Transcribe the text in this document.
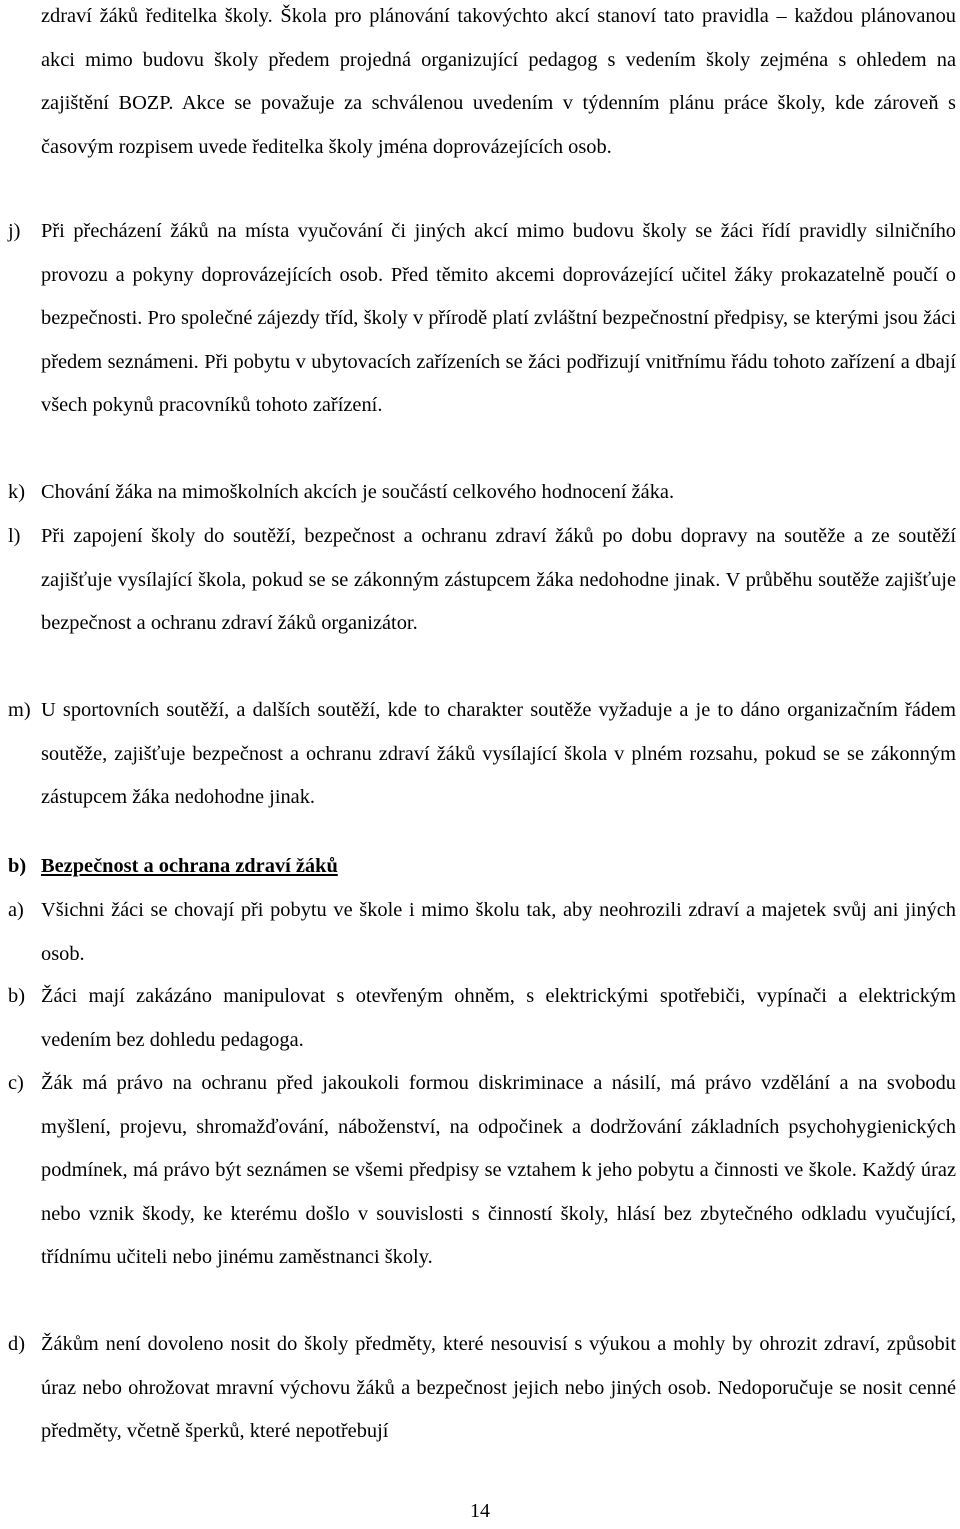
zdraví žáků ředitelka školy. Škola pro plánování takovýchto akcí stanoví tato pravidla – každou plánovanou akci mimo budovu školy předem projedná organizující pedagog s vedením školy zejména s ohledem na zajištění BOZP. Akce se považuje za schválenou uvedením v týdenním plánu práce školy, kde zároveň s časovým rozpisem uvede ředitelka školy jména doprovázejících osob.
j) Při přecházení žáků na místa vyučování či jiných akcí mimo budovu školy se žáci řídí pravidly silničního provozu a pokyny doprovázejících osob. Před těmito akcemi doprovázející učitel žáky prokazatelně poučí o bezpečnosti. Pro společné zájezdy tříd, školy v přírodě platí zvláštní bezpečnostní předpisy, se kterými jsou žáci předem seznámeni. Při pobytu v ubytovacích zařízeních se žáci podřizují vnitřnímu řádu tohoto zařízení a dbají všech pokynů pracovníků tohoto zařízení.
k) Chování žáka na mimoškolních akcích je součástí celkového hodnocení žáka.
l) Při zapojení školy do soutěží, bezpečnost a ochranu zdraví žáků po dobu dopravy na soutěže a ze soutěží zajišťuje vysílající škola, pokud se se zákonným zástupcem žáka nedohodne jinak. V průběhu soutěže zajišťuje bezpečnost a ochranu zdraví žáků organizátor.
m) U sportovních soutěží, a dalších soutěží, kde to charakter soutěže vyžaduje a je to dáno organizačním řádem soutěže, zajišťuje bezpečnost a ochranu zdraví žáků vysílající škola v plném rozsahu, pokud se se zákonným zástupcem žáka nedohodne jinak.
b) Bezpečnost a ochrana zdraví žáků
a) Všichni žáci se chovají při pobytu ve škole i mimo školu tak, aby neohrozili zdraví a majetek svůj ani jiných osob.
b) Žáci mají zakázáno manipulovat s otevřeným ohněm, s elektrickými spotřebiči, vypínači a elektrickým vedením bez dohledu pedagoga.
c) Žák má právo na ochranu před jakoukoli formou diskriminace a násilí, má právo vzdělání a na svobodu myšlení, projevu, shromažďování, náboženství, na odpočinek a dodržování základních psychohygienických podmínek, má právo být seznámen se všemi předpisy se vztahem k jeho pobytu a činnosti ve škole. Každý úraz nebo vznik škody, ke kterému došlo v souvislosti s činností školy, hlásí bez zbytečného odkladu vyučující, třídnímu učiteli nebo jinému zaměstnanci školy.
d) Žákům není dovoleno nosit do školy předměty, které nesouvisí s výukou a mohly by ohrozit zdraví, způsobit úraz nebo ohrožovat mravní výchovu žáků a bezpečnost jejich nebo jiných osob. Nedoporučuje se nosit cenné předměty, včetně šperků, které nepotřebují
14
